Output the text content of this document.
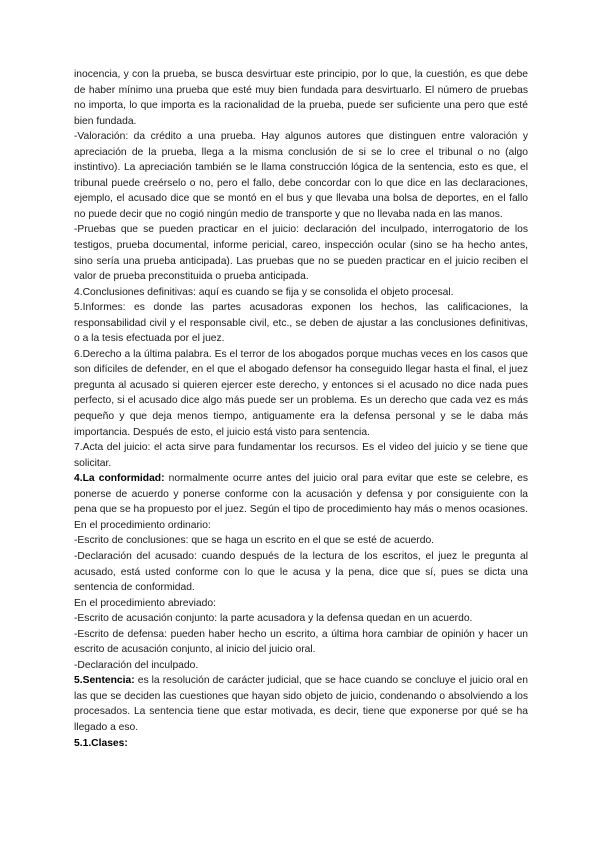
inocencia, y con la prueba, se busca desvirtuar este principio, por lo que, la cuestión, es que debe de haber mínimo una prueba que esté muy bien fundada para desvirtuarlo. El número de pruebas no importa, lo que importa es la racionalidad de la prueba, puede ser suficiente una pero que esté bien fundada.

-Valoración: da crédito a una prueba. Hay algunos autores que distinguen entre valoración y apreciación de la prueba, llega a la misma conclusión de si se lo cree el tribunal o no (algo instintivo). La apreciación también se le llama construcción lógica de la sentencia, esto es que, el tribunal puede creérselo o no, pero el fallo, debe concordar con lo que dice en las declaraciones, ejemplo, el acusado dice que se montó en el bus y que llevaba una bolsa de deportes, en el fallo no puede decir que no cogió ningún medio de transporte y que no llevaba nada en las manos.

-Pruebas que se pueden practicar en el juicio: declaración del inculpado, interrogatorio de los testigos, prueba documental, informe pericial, careo, inspección ocular (sino se ha hecho antes, sino sería una prueba anticipada). Las pruebas que no se pueden practicar en el juicio reciben el valor de prueba preconstituida o prueba anticipada.

4.Conclusiones definitivas: aquí es cuando se fija y se consolida el objeto procesal.

5.Informes: es donde las partes acusadoras exponen los hechos, las calificaciones, la responsabilidad civil y el responsable civil, etc., se deben de ajustar a las conclusiones definitivas, o a la tesis efectuada por el juez.

6.Derecho a la última palabra. Es el terror de los abogados porque muchas veces en los casos que son difíciles de defender, en el que el abogado defensor ha conseguido llegar hasta el final, el juez pregunta al acusado si quieren ejercer este derecho, y entonces si el acusado no dice nada pues perfecto, si el acusado dice algo más puede ser un problema. Es un derecho que cada vez es más pequeño y que deja menos tiempo, antiguamente era la defensa personal y se le daba más importancia. Después de esto, el juicio está visto para sentencia.

7.Acta del juicio: el acta sirve para fundamentar los recursos. Es el video del juicio y se tiene que solicitar.

4.La conformidad: normalmente ocurre antes del juicio oral para evitar que este se celebre, es ponerse de acuerdo y ponerse conforme con la acusación y defensa y por consiguiente con la pena que se ha propuesto por el juez. Según el tipo de procedimiento hay más o menos ocasiones.

En el procedimiento ordinario:

-Escrito de conclusiones: que se haga un escrito en el que se esté de acuerdo.

-Declaración del acusado: cuando después de la lectura de los escritos, el juez le pregunta al acusado, está usted conforme con lo que le acusa y la pena, dice que sí, pues se dicta una sentencia de conformidad.

En el procedimiento abreviado:

-Escrito de acusación conjunto: la parte acusadora y la defensa quedan en un acuerdo.

-Escrito de defensa: pueden haber hecho un escrito, a última hora cambiar de opinión y hacer un escrito de acusación conjunto, al inicio del juicio oral.

-Declaración del inculpado.

5.Sentencia: es la resolución de carácter judicial, que se hace cuando se concluye el juicio oral en las que se deciden las cuestiones que hayan sido objeto de juicio, condenando o absolviendo a los procesados. La sentencia tiene que estar motivada, es decir, tiene que exponerse por qué se ha llegado a eso.

5.1.Clases:
